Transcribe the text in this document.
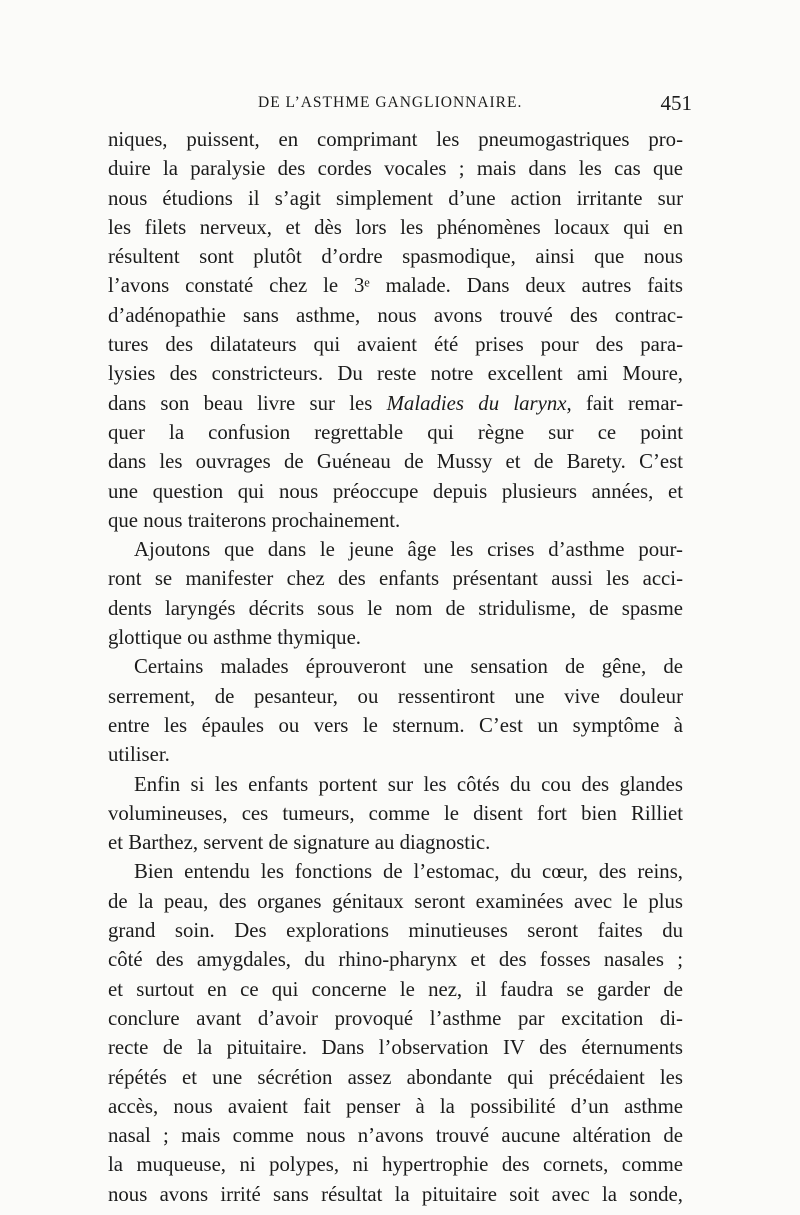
DE L’ASTHME GANGLIONNAIRE.	451
niques, puissent, en comprimant les pneumogastriques pro-
duire la paralysie des cordes vocales ; mais dans les cas que
nous étudions il s’agit simplement d’une action irritante sur
les filets nerveux, et dès lors les phénomènes locaux qui en
résultent sont plutôt d’ordre spasmodique, ainsi que nous
l’avons constaté chez le 3ᵉ malade. Dans deux autres faits
d’adénopathie sans asthme, nous avons trouvé des contrac-
tures des dilatateurs qui avaient été prises pour des para-
lysies des constricteurs. Du reste notre excellent ami Moure,
dans son beau livre sur les Maladies du larynx, fait remar-
quer la confusion regrettable qui règne sur ce point
dans les ouvrages de Guéneau de Mussy et de Barety. C’est
une question qui nous préoccupe depuis plusieurs années, et
que nous traiterons prochainement.
Ajoutons que dans le jeune âge les crises d’asthme pour-
ront se manifester chez des enfants présentant aussi les acci-
dents laryngés décrits sous le nom de stridulisme, de spasme
glottique ou asthme thymique.
Certains malades éprouveront une sensation de gêne, de
serrement, de pesanteur, ou ressentiront une vive douleur
entre les épaules ou vers le sternum. C’est un symptôme à
utiliser.
Enfin si les enfants portent sur les côtés du cou des glandes
volumineuses, ces tumeurs, comme le disent fort bien Rilliet
et Barthez, servent de signature au diagnostic.
Bien entendu les fonctions de l’estomac, du cœur, des reins,
de la peau, des organes génitaux seront examinées avec le plus
grand soin. Des explorations minutieuses seront faites du
côté des amygdales, du rhino-pharynx et des fosses nasales ;
et surtout en ce qui concerne le nez, il faudra se garder de
conclure avant d’avoir provoqué l’asthme par excitation di-
recte de la pituitaire. Dans l’observation IV des éternuments
répétés et une sécrétion assez abondante qui précédaient les
accès, nous avaient fait penser à la possibilité d’un asthme
nasal ; mais comme nous n’avons trouvé aucune altération de
la muqueuse, ni polypes, ni hypertrophie des cornets, comme
nous avons irrité sans résultat la pituitaire soit avec la sonde,
